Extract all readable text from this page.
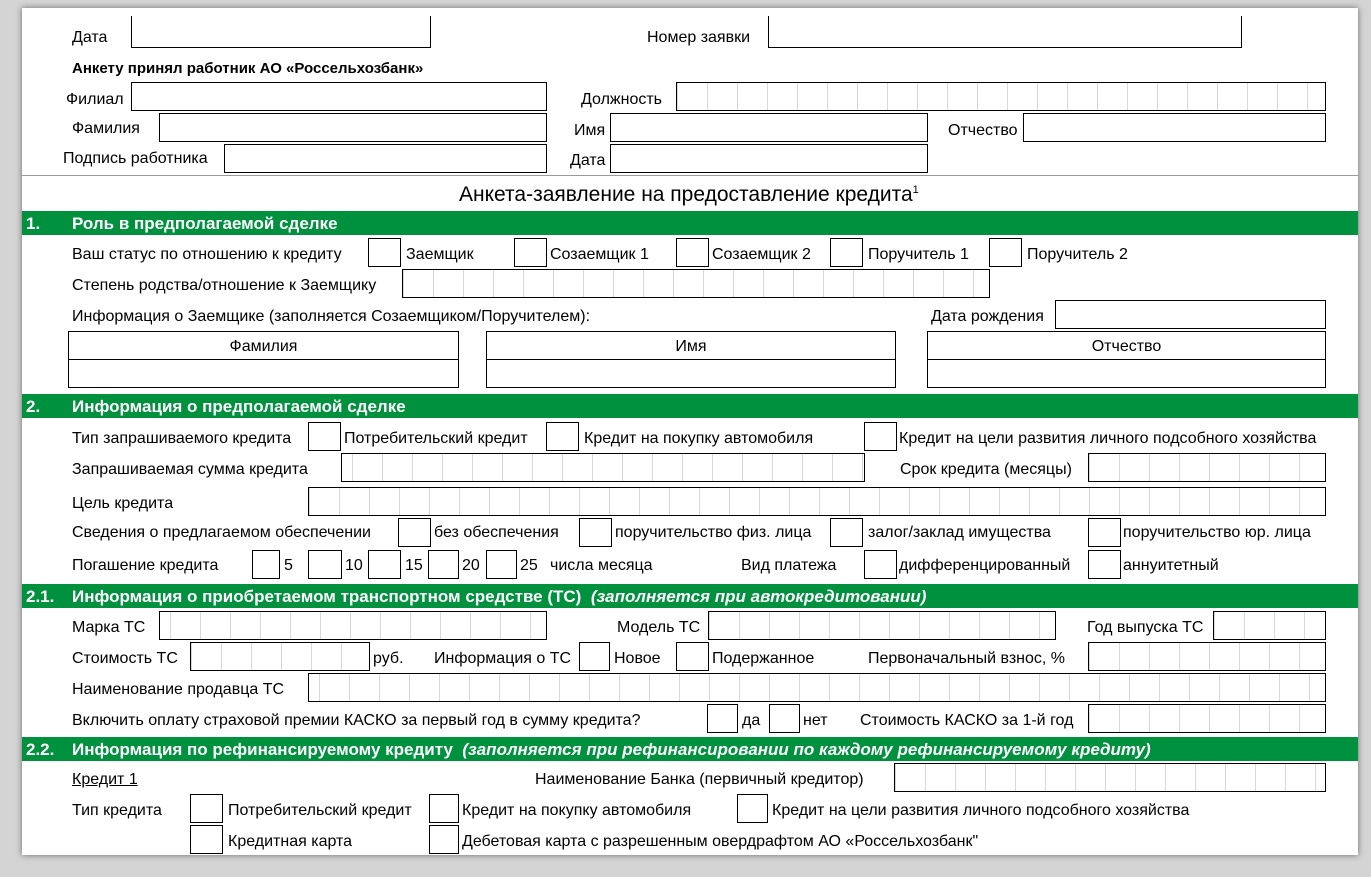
Дата	Номер заявки
Анкету принял работник АО «Россельхозбанк»
Филиал	Должность
Фамилия	Имя	Отчество
Подпись работника	Дата
Анкета-заявление на предоставление кредита$^1$
1. Роль в предполагаемой сделке
Ваш статус по отношению к кредиту	Заемщик	Созаемщик 1	Созаемщик 2	Поручитель 1	Поручитель 2
Степень родства/отношение к Заемщику
Информация о Заемщике (заполняется Созаемщиком/Поручителем):	Дата рождения
Фамилия	Имя	Отчество
2. Информация о предполагаемой сделке
Тип запрашиваемого кредита	Потребительский кредит	Кредит на покупку автомобиля	Кредит на цели развития личного подсобного хозяйства
Запрашиваемая сумма кредита	Срок кредита (месяцы)
Цель кредита
Сведения о предлагаемом обеспечении	без обеспечения	поручительство физ. лица	залог/заклад имущества	поручительство юр. лица
Погашение кредита	5	10	15 20	25 числа месяца	Вид платежа	дифференцированный	аннуитетный
2.1. Информация о приобретаемом транспортном средстве (ТС) (заполняется при автокредитовании)
Марка ТС	Модель ТС	Год выпуска ТС
Стоимость ТС	руб. Информация о ТС	Новое	Подержанное	Первоначальный взнос, %
Наименование продавца ТС
Включить оплату страховой премии КАСКО за первый год в сумму кредита?	да	нет Стоимость КАСКО за 1-й год
2.2. Информация по рефинансируемому кредиту (заполняется при рефинансировании по каждому рефинансируемому кредиту)
Кредит 1	Наименование Банка (первичный кредитор)
Тип кредита	Потребительский кредит	Кредит на покупку автомобиля	Кредит на цели развития личного подсобного хозяйства
Кредитная карта	Дебетовая карта с разрешенным овердрафтом АО «Россельхозбанк"
